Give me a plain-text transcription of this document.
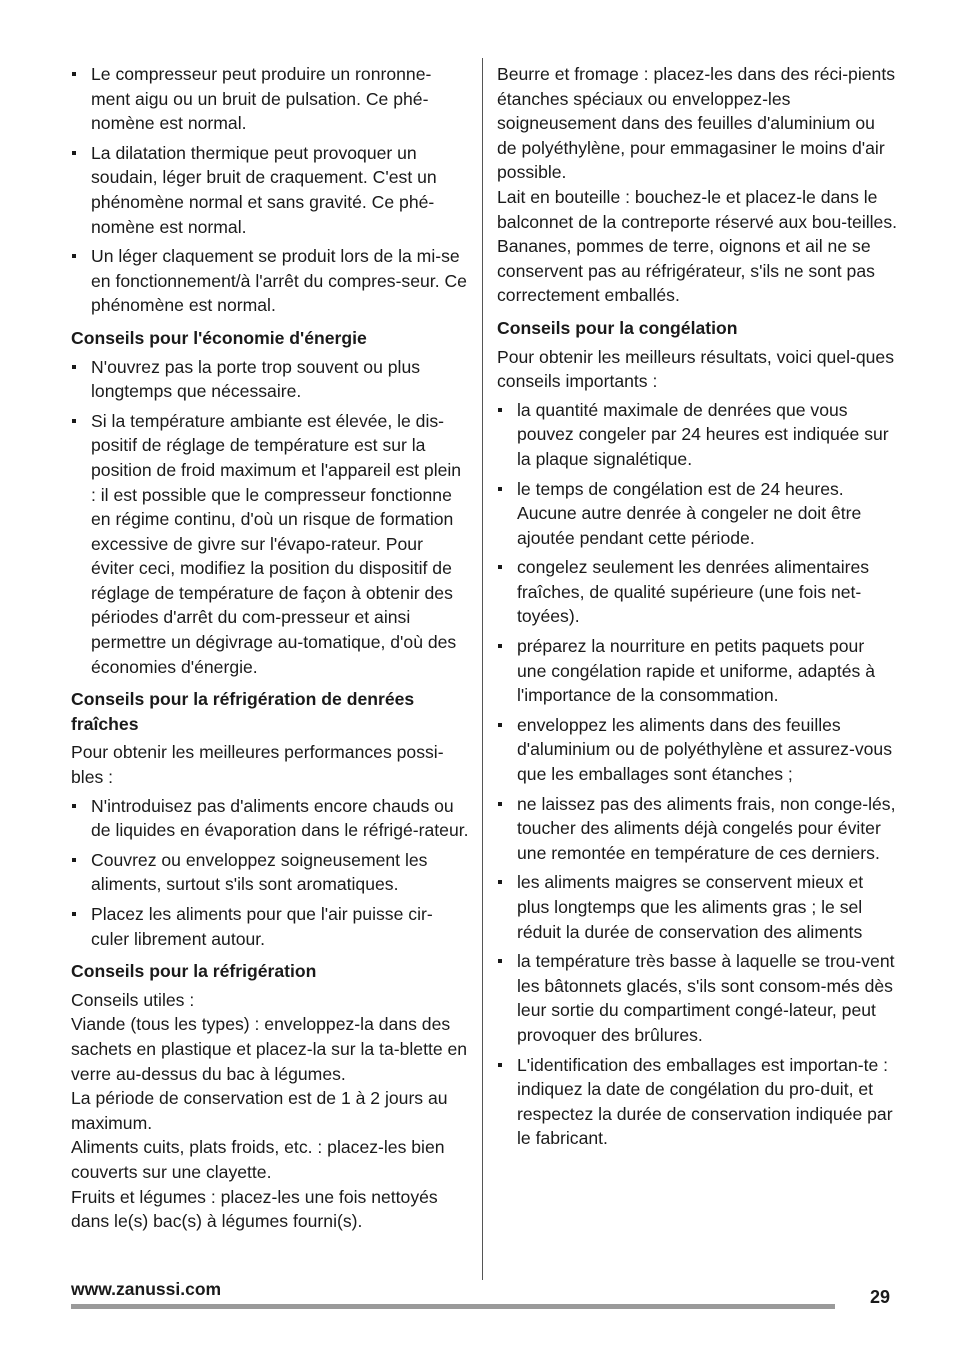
Le compresseur peut produire un ronronne-ment aigu ou un bruit de pulsation. Ce phé-nomène est normal.
La dilatation thermique peut provoquer un soudain, léger bruit de craquement. C'est un phénomène normal et sans gravité. Ce phé-nomène est normal.
Un léger claquement se produit lors de la mi-se en fonctionnement/à l'arrêt du compres-seur. Ce phénomène est normal.
Conseils pour l'économie d'énergie
N'ouvrez pas la porte trop souvent ou plus longtemps que nécessaire.
Si la température ambiante est élevée, le dis-positif de réglage de température est sur la position de froid maximum et l'appareil est plein : il est possible que le compresseur fonctionne en régime continu, d'où un risque de formation excessive de givre sur l'évapo-rateur. Pour éviter ceci, modifiez la position du dispositif de réglage de température de façon à obtenir des périodes d'arrêt du com-presseur et ainsi permettre un dégivrage au-tomatique, d'où des économies d'énergie.
Conseils pour la réfrigération de denrées fraîches

Pour obtenir les meilleures performances possi-bles :

N'introduisez pas d'aliments encore chauds ou de liquides en évaporation dans le réfrigé-rateur.
Couvrez ou enveloppez soigneusement les aliments, surtout s'ils sont aromatiques.
Placez les aliments pour que l'air puisse cir-culer librement autour.
Conseils pour la réfrigération

Conseils utiles :

Viande (tous les types) : enveloppez-la dans des sachets en plastique et placez-la sur la ta-blette en verre au-dessus du bac à légumes.

La période de conservation est de 1 à 2 jours au maximum.

Aliments cuits, plats froids, etc. : placez-les bien couverts sur une clayette.

Fruits et légumes : placez-les une fois nettoyés dans le(s) bac(s) à légumes fourni(s).

Beurre et fromage : placez-les dans des réci-pients étanches spéciaux ou enveloppez-les soigneusement dans des feuilles d'aluminium ou de polyéthylène, pour emmagasiner le moins d'air possible.

Lait en bouteille : bouchez-le et placez-le dans le balconnet de la contreporte réservé aux bou-teilles.

Bananes, pommes de terre, oignons et ail ne se conservent pas au réfrigérateur, s'ils ne sont pas correctement emballés.

Conseils pour la congélation

Pour obtenir les meilleurs résultats, voici quel-ques conseils importants :

la quantité maximale de denrées que vous pouvez congeler par 24 heures est indiquée sur la plaque signalétique.
le temps de congélation est de 24 heures. Aucune autre denrée à congeler ne doit être ajoutée pendant cette période.
congelez seulement les denrées alimentaires fraîches, de qualité supérieure (une fois net-toyées).
préparez la nourriture en petits paquets pour une congélation rapide et uniforme, adaptés à l'importance de la consommation.
enveloppez les aliments dans des feuilles d'aluminium ou de polyéthylène et assurez-vous que les emballages sont étanches ;
ne laissez pas des aliments frais, non conge-lés, toucher des aliments déjà congelés pour éviter une remontée en température de ces derniers.
les aliments maigres se conservent mieux et plus longtemps que les aliments gras ; le sel réduit la durée de conservation des aliments
la température très basse à laquelle se trou-vent les bâtonnets glacés, s'ils sont consom-més dès leur sortie du compartiment congé-lateur, peut provoquer des brûlures.
L'identification des emballages est importan-te : indiquez la date de congélation du pro-duit, et respectez la durée de conservation indiquée par le fabricant.
www.zanussi.com	29
